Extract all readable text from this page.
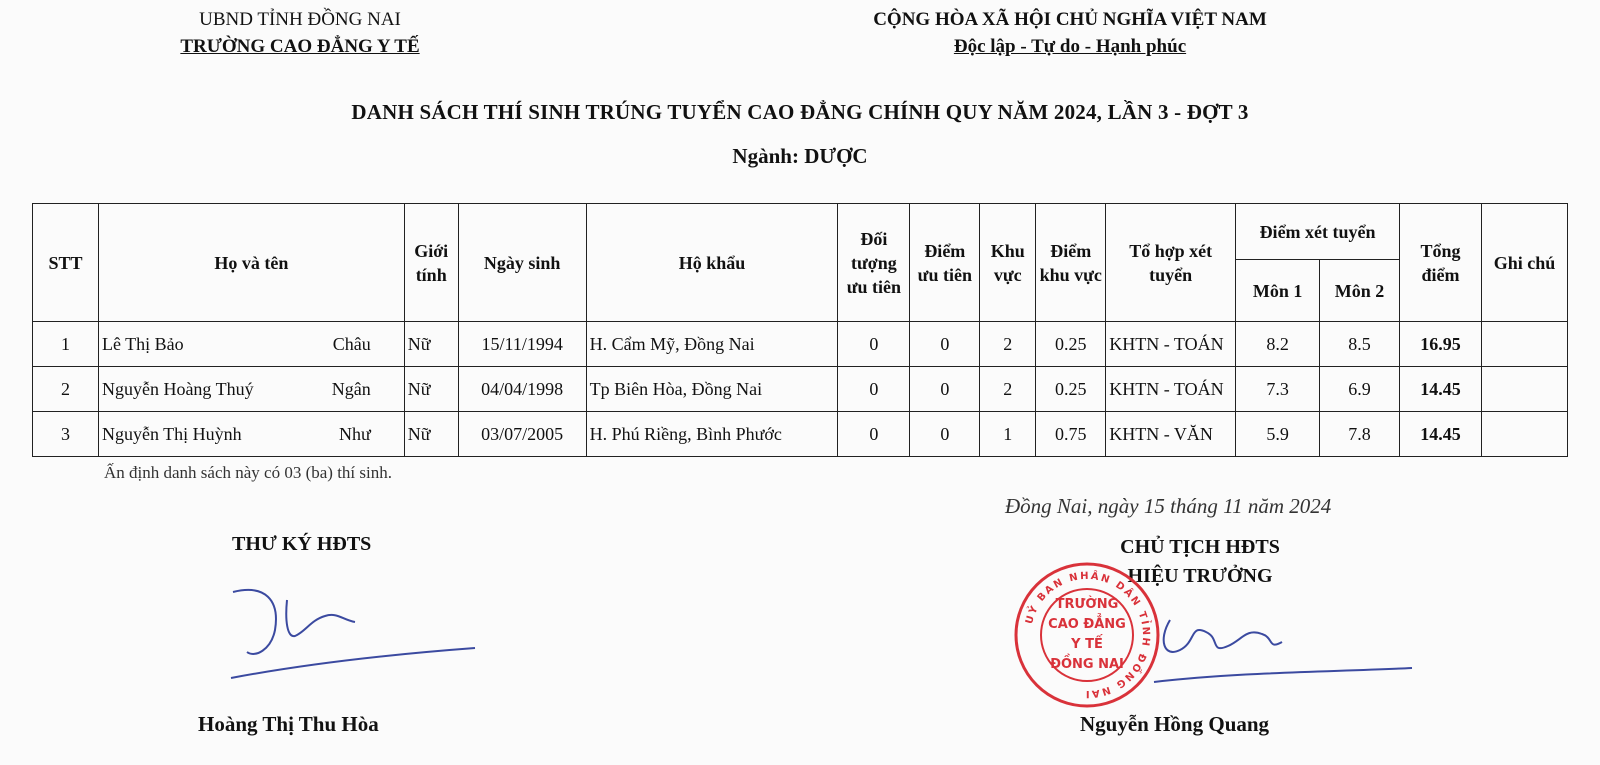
UBND TỈNH ĐỒNG NAI
TRƯỜNG CAO ĐẲNG Y TẾ
CỘNG HÒA XÃ HỘI CHỦ NGHĨA VIỆT NAM
Độc lập - Tự do - Hạnh phúc
DANH SÁCH THÍ SINH TRÚNG TUYỂN CAO ĐẲNG CHÍNH QUY NĂM 2024, LẦN 3 - ĐỢT 3
Ngành: DƯỢC
STT	Họ và tên	Giới tính	Ngày sinh	Hộ khẩu	Đối tượng ưu tiên	Điểm ưu tiên	Khu vực	Điểm khu vực	Tổ hợp xét tuyển	Điểm xét tuyển		Tổng điểm	Ghi chú
										Môn 1	Môn 2		
1	Lê Thị Bảo Châu	Nữ	15/11/1994	H. Cẩm Mỹ, Đồng Nai	0	0	2	0.25	KHTN - TOÁN	8.2	8.5	16.95	
2	Nguyễn Hoàng Thuý Ngân	Nữ	04/04/1998	Tp Biên Hòa, Đồng Nai	0	0	2	0.25	KHTN - TOÁN	7.3	6.9	14.45	
3	Nguyễn Thị Huỳnh Như	Nữ	03/07/2005	H. Phú Riềng, Bình Phước	0	0	1	0.75	KHTN - VĂN	5.9	7.8	14.45	
Ấn định danh sách này có 03 (ba) thí sinh.
Đồng Nai, ngày 15 tháng 11 năm 2024
THƯ KÝ HĐTS	CHỦ TỊCH HĐTS
HIỆU TRƯỞNG
UỶ BAN NHÂN DÂN TỈNH ĐỒNG NAI
TRƯỜNG
CAO ĐẲNG
Y TẾ
ĐỒNG NAI
Hoàng Thị Thu Hòa	Nguyễn Hồng Quang
